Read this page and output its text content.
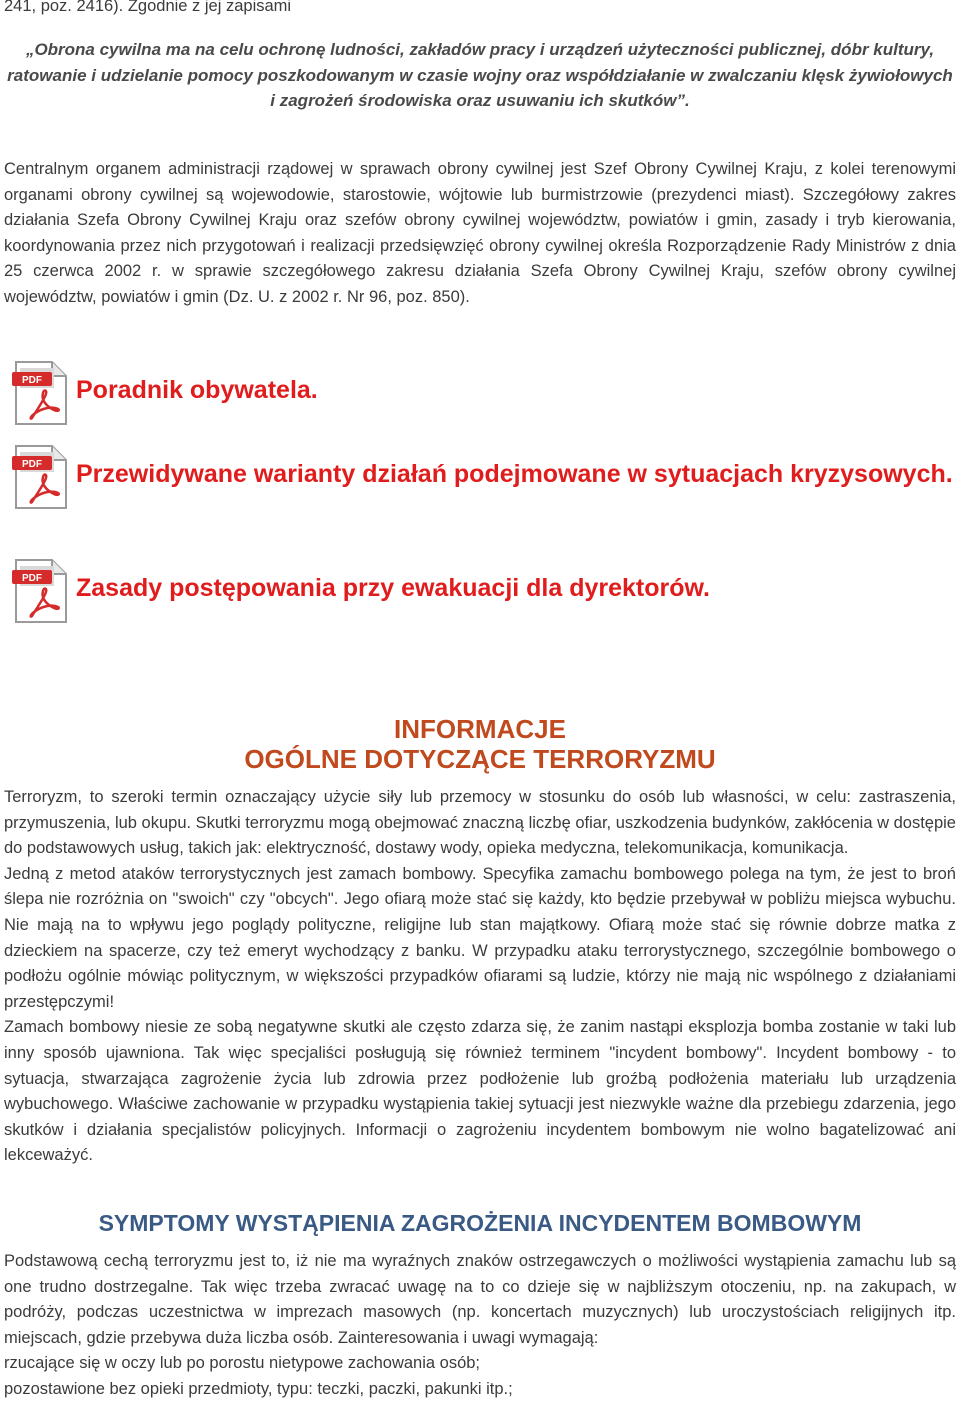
241, poz. 2416). Zgodnie z jej zapisami

„Obrona cywilna ma na celu ochronę ludności, zakładów pracy i urządzeń użyteczności publicznej, dóbr kultury, ratowanie i udzielanie pomocy poszkodowanym w czasie wojny oraz współdziałanie w zwalczaniu klęsk żywiołowych i zagrożeń środowiska oraz usuwaniu ich skutków”.

Centralnym organem administracji rządowej w sprawach obrony cywilnej jest Szef Obrony Cywilnej Kraju, z kolei terenowymi organami obrony cywilnej są wojewodowie, starostowie, wójtowie lub burmistrzowie (prezydenci miast). Szczegółowy zakres działania Szefa Obrony Cywilnej Kraju oraz szefów obrony cywilnej województw, powiatów i gmin, zasady i tryb kierowania, koordynowania przez nich przygotowań i realizacji przedsięwzięć obrony cywilnej określa Rozporządzenie Rady Ministrów z dnia 25 czerwca 2002 r. w sprawie szczegółowego zakresu działania Szefa Obrony Cywilnej Kraju, szefów obrony cywilnej województw, powiatów i gmin (Dz. U. z 2002 r. Nr 96, poz. 850).

PDF Poradnik obywatela.
PDF	Przewidywane warianty działań podejmowane w sytuacjach kryzysowych.

PDF Zasady postępowania przy ewakuacji dla dyrektorów.

INFORMACJE

OGÓLNE DOTYCZĄCE TERRORYZMU

Terroryzm, to szeroki termin oznaczający użycie siły lub przemocy w stosunku do osób lub własności, w celu: zastraszenia, przymuszenia, lub okupu. Skutki terroryzmu mogą obejmować znaczną liczbę ofiar, uszkodzenia budynków, zakłócenia w dostępie do podstawowych usług, takich jak: elektryczność, dostawy wody, opieka medyczna, telekomunikacja, komunikacja.

Jedną z metod ataków terrorystycznych jest zamach bombowy. Specyfika zamachu bombowego polega na tym, że jest to broń ślepa nie rozróżnia on "swoich" czy "obcych". Jego ofiarą może stać się każdy, kto będzie przebywał w pobliżu miejsca wybuchu. Nie mają na to wpływu jego poglądy polityczne, religijne lub stan majątkowy. Ofiarą może stać się równie dobrze matka z dzieckiem na spacerze, czy też emeryt wychodzący z banku. W przypadku ataku terrorystycznego, szczególnie bombowego o podłożu ogólnie mówiąc politycznym, w większości przypadków ofiarami są ludzie, którzy nie mają nic wspólnego z działaniami przestępczymi!

Zamach bombowy niesie ze sobą negatywne skutki ale często zdarza się, że zanim nastąpi eksplozja bomba zostanie w taki lub inny sposób ujawniona. Tak więc specjaliści posługują się również terminem "incydent bombowy". Incydent bombowy - to sytuacja, stwarzająca zagrożenie życia lub zdrowia przez podłożenie lub groźbą podłożenia materiału lub urządzenia wybuchowego. Właściwe zachowanie w przypadku wystąpienia takiej sytuacji jest niezwykle ważne dla przebiegu zdarzenia, jego skutków i działania specjalistów policyjnych. Informacji o zagrożeniu incydentem bombowym nie wolno bagatelizować ani lekceważyć.

SYMPTOMY WYSTĄPIENIA ZAGROŻENIA INCYDENTEM BOMBOWYM

Podstawową cechą terroryzmu jest to, iż nie ma wyraźnych znaków ostrzegawczych o możliwości wystąpienia zamachu lub są one trudno dostrzegalne. Tak więc trzeba zwracać uwagę na to co dzieje się w najbliższym otoczeniu, np. na zakupach, w podróży, podczas uczestnictwa w imprezach masowych (np. koncertach muzycznych) lub uroczystościach religijnych itp. miejscach, gdzie przebywa duża liczba osób. Zainteresowania i uwagi wymagają:

rzucające się w oczy lub po porostu nietypowe zachowania osób;

pozostawione bez opieki przedmioty, typu: teczki, paczki, pakunki itp.;
